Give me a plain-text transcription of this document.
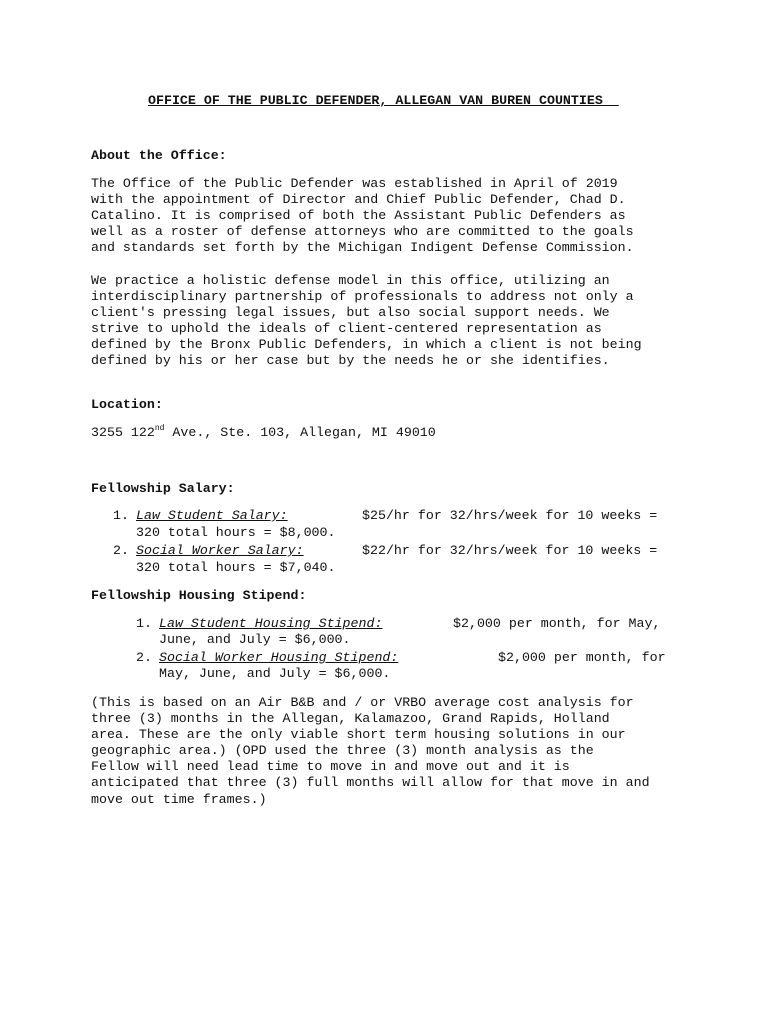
OFFICE OF THE PUBLIC DEFENDER, ALLEGAN VAN BUREN COUNTIES
About the Office:

The Office of the Public Defender was established in April of 2019
with the appointment of Director and Chief Public Defender, Chad D.
Catalino. It is comprised of both the Assistant Public Defenders as
well as a roster of defense attorneys who are committed to the goals
and standards set forth by the Michigan Indigent Defense Commission.

We practice a holistic defense model in this office, utilizing an
interdisciplinary partnership of professionals to address not only a
client's pressing legal issues, but also social support needs. We
strive to uphold the ideals of client-centered representation as
defined by the Bronx Public Defenders, in which a client is not being
defined by his or her case but by the needs he or she identifies.

Location:
3255 122nd Ave., Ste. 103, Allegan, MI 49010
Fellowship Salary:
1. Law Student Salary:	$25/hr for 32/hrs/week for 10 weeks =
320 total hours = $8,000.
2. Social Worker Salary:	$22/hr for 32/hrs/week for 10 weeks =
320 total hours = $7,040.
Fellowship Housing Stipend:
1. Law Student Housing Stipend:	$2,000 per month, for May,
June, and July = $6,000.
2. Social Worker Housing Stipend:	$2,000 per month, for
May, June, and July = $6,000.

(This is based on an Air B&B and / or VRBO average cost analysis for
three (3) months in the Allegan, Kalamazoo, Grand Rapids, Holland
area. These are the only viable short term housing solutions in our
geographic area.) (OPD used the three (3) month analysis as the
Fellow will need lead time to move in and move out and it is
anticipated that three (3) full months will allow for that move in and
move out time frames.)
